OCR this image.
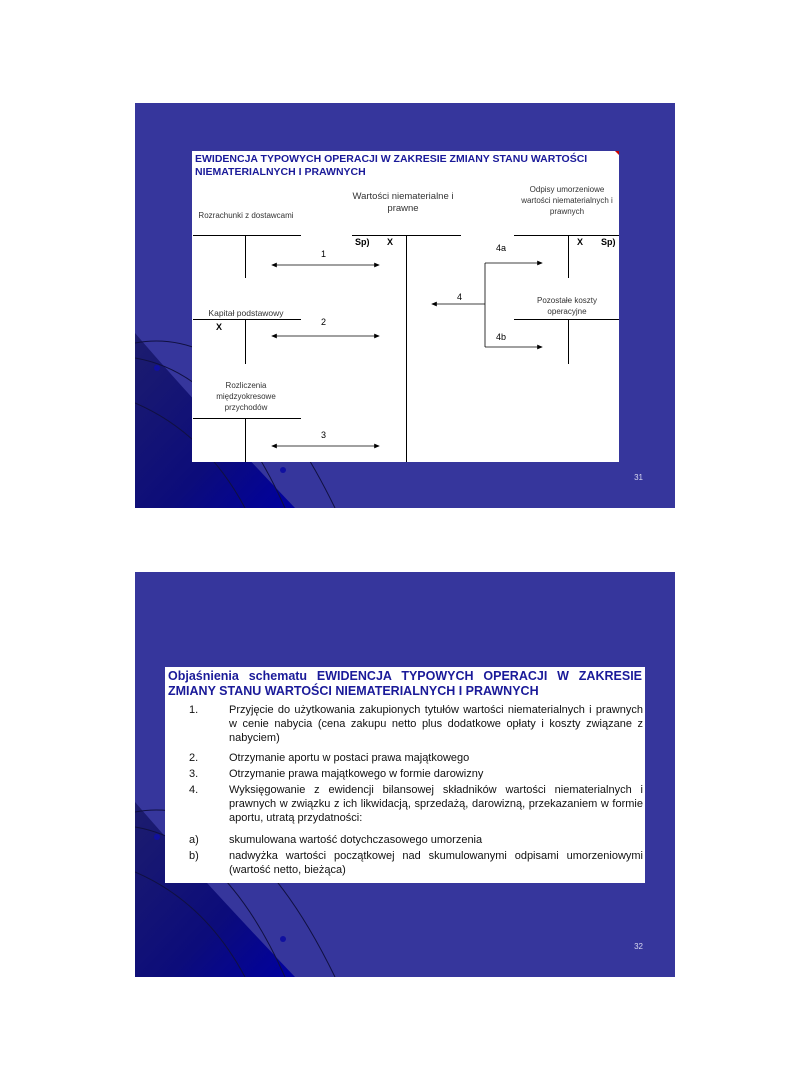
EWIDENCJA TYPOWYCH OPERACJI W ZAKRESIE ZMIANY STANU WARTOŚCI NIEMATERIALNYCH I PRAWNYCH
Rozrachunki z dostawcami
Wartości niematerialne i prawne
Sp) X
Odpisy umorzeniowe wartości niematerialnych i prawnych
X Sp)
Kapitał podstawowy
X
Pozostałe koszty operacyjne
Rozliczenia międzyokresowe przychodów
1
2
3
4
4a
4b
31
Objaśnienia schematu EWIDENCJA TYPOWYCH OPERACJI W ZAKRESIE ZMIANY STANU WARTOŚCI NIEMATERIALNYCH I PRAWNYCH
1.	Przyjęcie do użytkowania zakupionych tytułów wartości niematerialnych i prawnych w cenie nabycia (cena zakupu netto plus dodatkowe opłaty i koszty związane z nabyciem)
2.	Otrzymanie aportu w postaci prawa majątkowego
3.	Otrzymanie prawa majątkowego w formie darowizny
4.	Wyksięgowanie z ewidencji bilansowej składników wartości niematerialnych i prawnych w związku z ich likwidacją, sprzedażą, darowizną, przekazaniem w formie aportu, utratą przydatności:
a)	skumulowana wartość dotychczasowego umorzenia
b)	nadwyżka wartości początkowej nad skumulowanymi odpisami umorzeniowymi (wartość netto, bieżąca)
32
